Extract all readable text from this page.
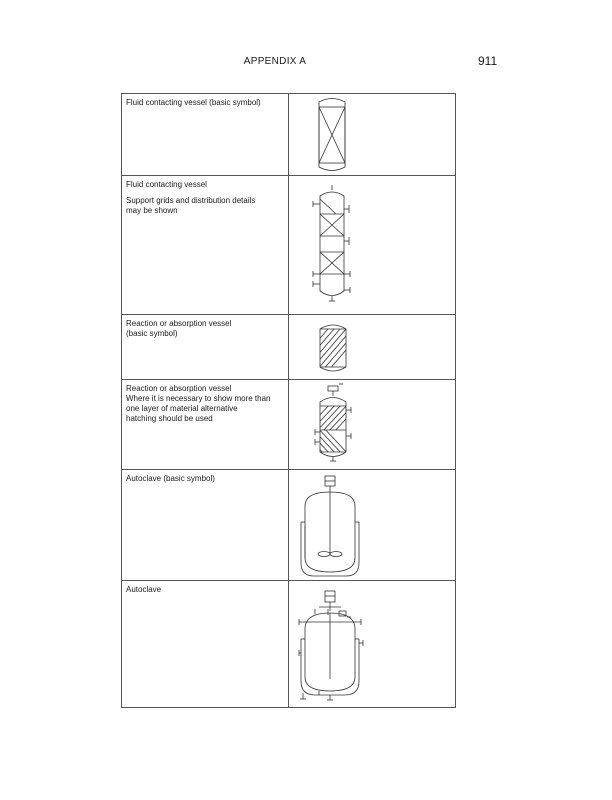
APPENDIX A	911

Fluid contacting vessel (basic symbol)

Fluid contacting vessel

Support grids and distribution details
may be shown

Reaction or absorption vessel
(basic symbol)

Reaction or absorption vessel
Where it is necessary to show more than
one layer of material alternative
hatching should be used

Autoclave (basic symbol)

Autoclave
